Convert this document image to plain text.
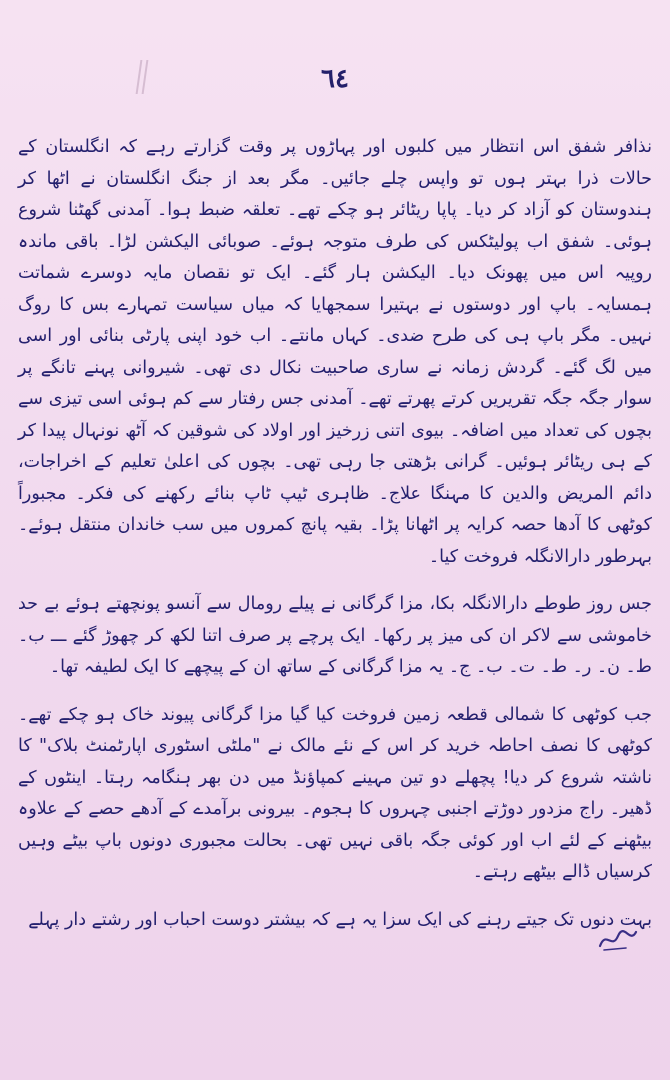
٦٤

نذافر شفق اس انتظار میں کلبوں اور پہاڑوں پر وقت گزارتے رہے کہ انگلستان کے حالات ذرا بہتر ہوں تو واپس چلے جائیں۔ مگر بعد از جنگ انگلستان نے اٹھا کر ہندوستان کو آزاد کر دیا۔ پاپا ریٹائر ہو چکے تھے۔ تعلقہ ضبط ہوا۔ آمدنی گھٹنا شروع ہوئی۔ شفق اب پولیٹکس کی طرف متوجہ ہوئے۔ صوبائی الیکشن لڑا۔ باقی ماندہ روپیہ اس میں پھونک دیا۔ الیکشن ہار گئے۔ ایک تو نقصان مایہ دوسرے شماتت ہمسایہ۔ باپ اور دوستوں نے بہتیرا سمجھایا کہ میاں سیاست تمہارے بس کا روگ نہیں۔ مگر باپ ہی کی طرح ضدی۔ کہاں مانتے۔ اب خود اپنی پارٹی بنائی اور اسی میں لگ گئے۔ گردش زمانہ نے ساری صاحبیت نکال دی تھی۔ شیروانی پہنے تانگے پر سوار جگہ جگہ تقریریں کرتے پھرتے تھے۔ آمدنی جس رفتار سے کم ہوئی اسی تیزی سے بچوں کی تعداد میں اضافہ۔ بیوی اتنی زرخیز اور اولاد کی شوقین کہ آٹھ نونہال پیدا کر کے ہی ریٹائر ہوئیں۔ گرانی بڑھتی جا رہی تھی۔ بچوں کی اعلیٰ تعلیم کے اخراجات، دائم المریض والدین کا مہنگا علاج۔ ظاہری ٹیپ ٹاپ بنائے رکھنے کی فکر۔ مجبوراً کوٹھی کا آدھا حصہ کرایہ پر اٹھانا پڑا۔ بقیہ پانچ کمروں میں سب خاندان منتقل ہوئے۔ بہرطور دارالانگلہ فروخت کیا۔

جس روز طوطے دارالانگلہ بکا، مزا گرگانی نے پیلے رومال سے آنسو پونچھتے ہوئے بے حد خاموشی سے لاکر ان کی میز پر رکھا۔ ایک پرچے پر صرف اتنا لکھ کر چھوڑ گئے ـــ ب۔ ط۔ ن۔ ر۔ ط۔ ت۔ ب۔ ج۔ یہ مزا گرگانی کے ساتھ ان کے پیچھے کا ایک لطیفہ تھا۔

جب کوٹھی کا شمالی قطعہ زمین فروخت کیا گیا مزا گرگانی پیوند خاک ہو چکے تھے۔ کوٹھی کا نصف احاطہ خرید کر اس کے نئے مالک نے "ملٹی اسٹوری اپارٹمنٹ بلاک" کا ناشتہ شروع کر دیا! پچھلے دو تین مہینے کمپاؤنڈ میں دن بھر ہنگامہ رہتا۔ اینٹوں کے ڈھیر۔ راج مزدور دوڑتے اجنبی چہروں کا ہجوم۔ بیرونی برآمدے کے آدھے حصے کے علاوہ بیٹھنے کے لئے اب اور کوئی جگہ باقی نہیں تھی۔ بحالت مجبوری دونوں باپ بیٹے وہیں کرسیاں ڈالے بیٹھے رہتے۔

بہت دنوں تک جیتے رہنے کی ایک سزا یہ ہے کہ بیشتر دوست احباب اور رشتے دار پہلے
